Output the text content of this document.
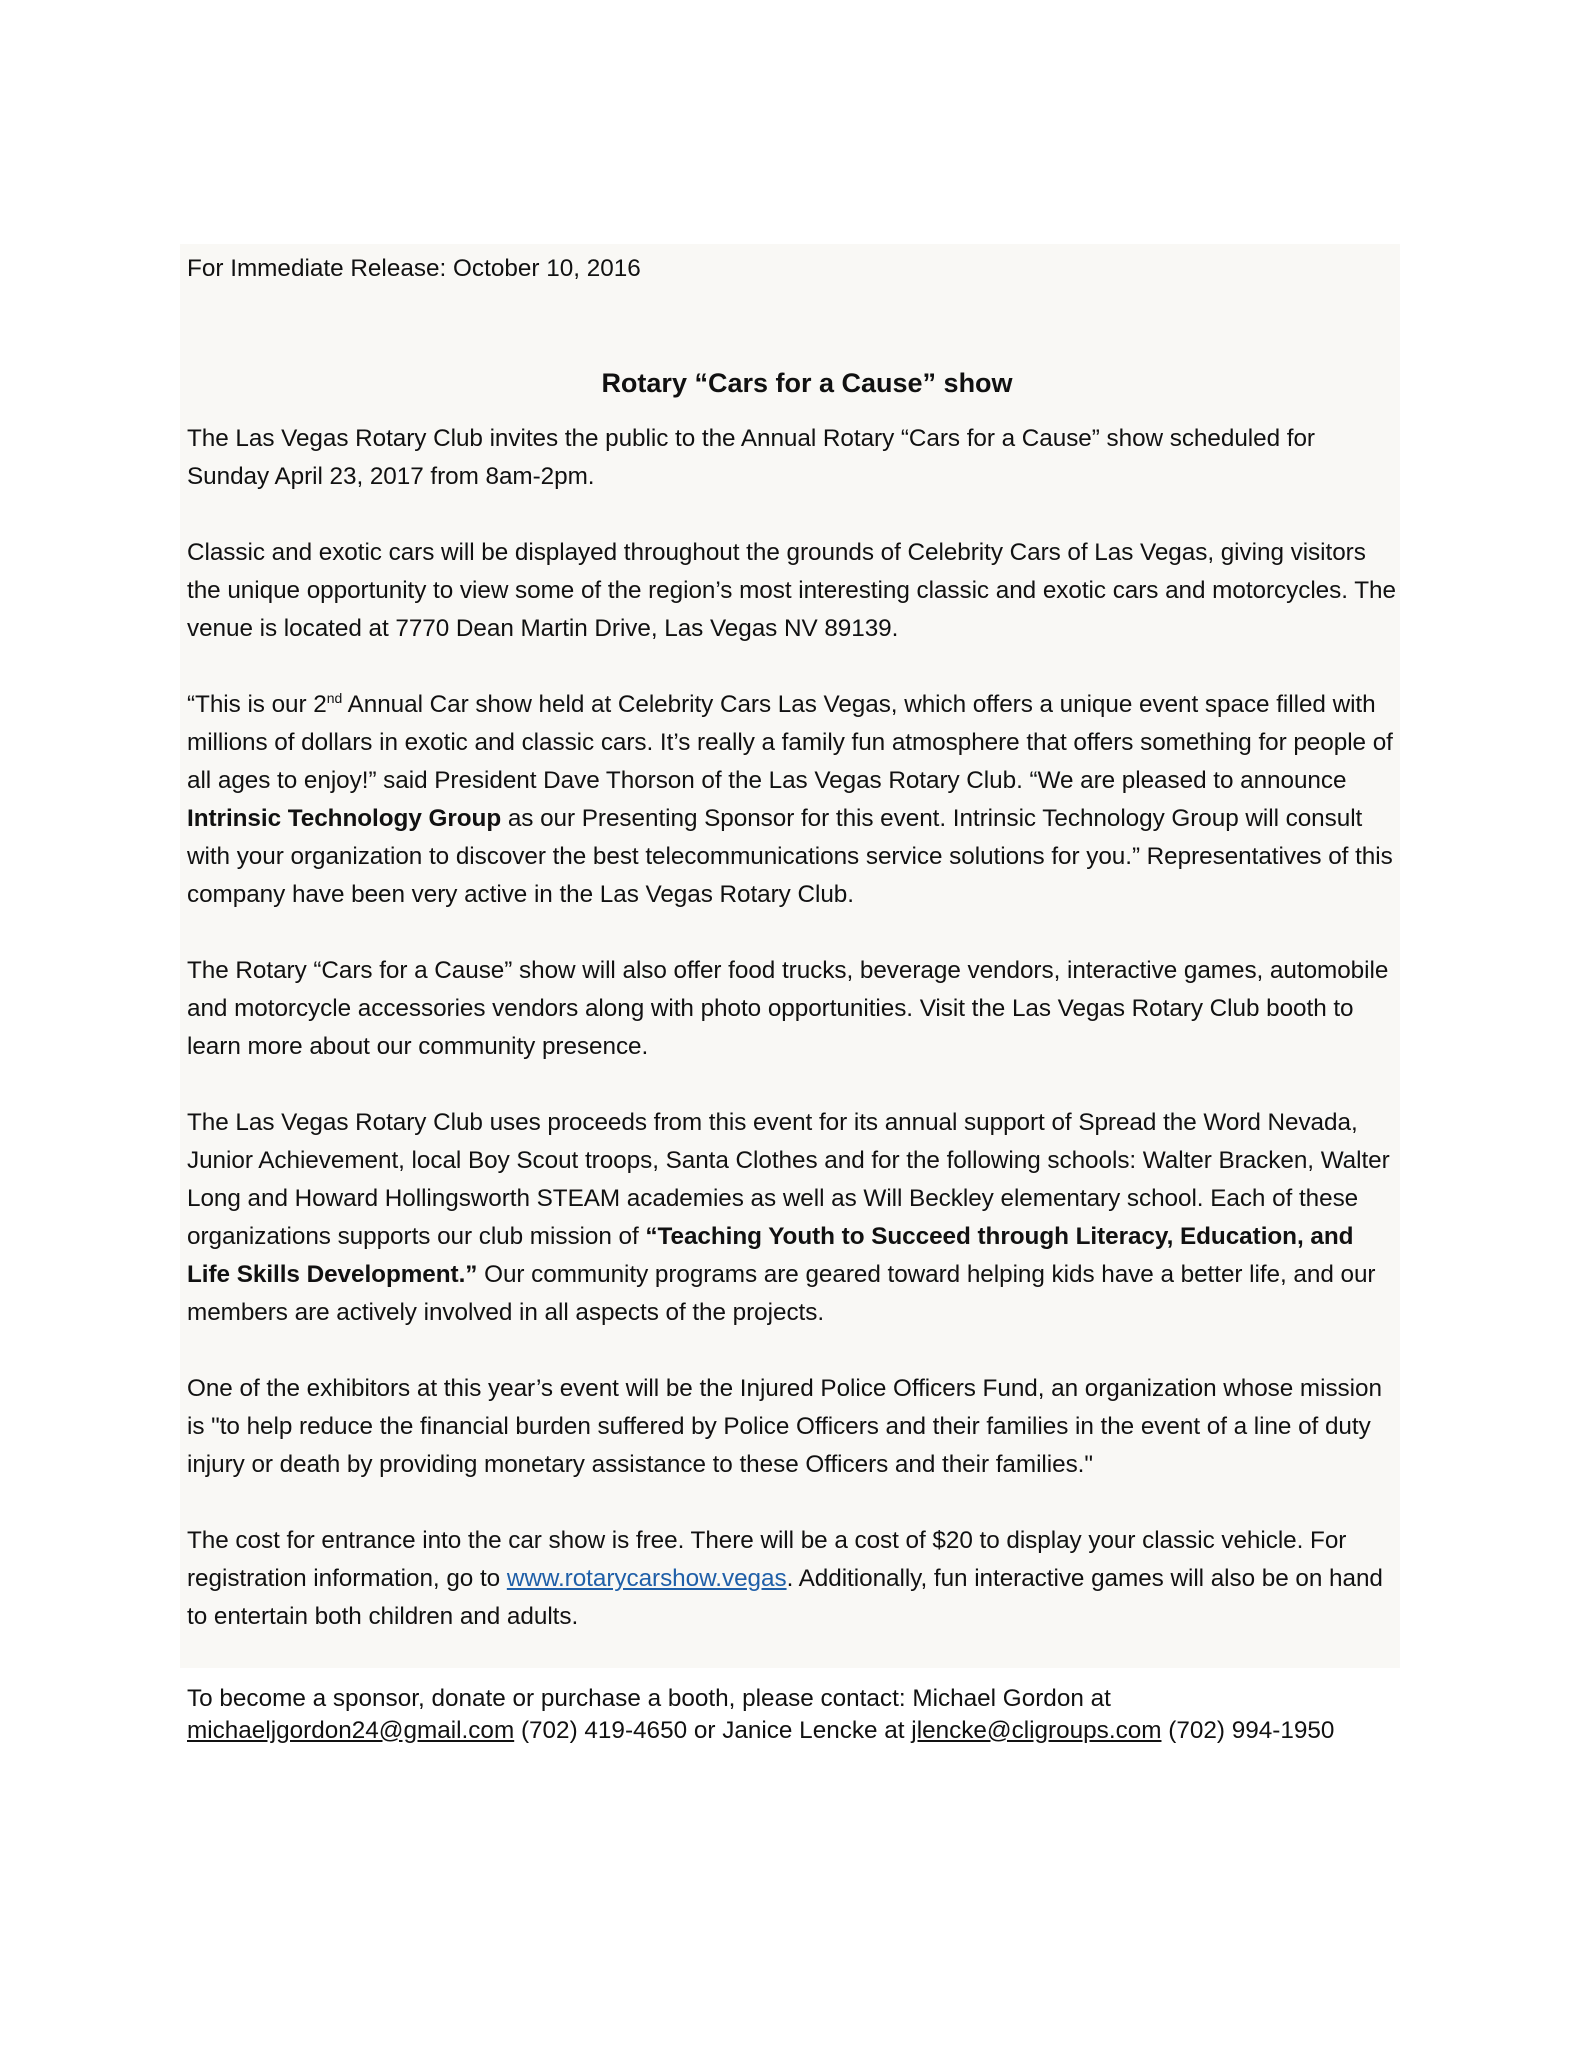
For Immediate Release: October 10, 2016
Rotary “Cars for a Cause” show

The Las Vegas Rotary Club invites the public to the Annual Rotary “Cars for a Cause” show scheduled for Sunday April 23, 2017 from 8am-2pm.

Classic and exotic cars will be displayed throughout the grounds of Celebrity Cars of Las Vegas, giving visitors the unique opportunity to view some of the region’s most interesting classic and exotic cars and motorcycles. The venue is located at 7770 Dean Martin Drive, Las Vegas NV 89139.

“This is our 2nd Annual Car show held at Celebrity Cars Las Vegas, which offers a unique event space filled with millions of dollars in exotic and classic cars. It’s really a family fun atmosphere that offers something for people of all ages to enjoy!” said President Dave Thorson of the Las Vegas Rotary Club. “We are pleased to announce Intrinsic Technology Group as our Presenting Sponsor for this event. Intrinsic Technology Group will consult with your organization to discover the best telecommunications service solutions for you.” Representatives of this company have been very active in the Las Vegas Rotary Club.

The Rotary “Cars for a Cause” show will also offer food trucks, beverage vendors, interactive games, automobile and motorcycle accessories vendors along with photo opportunities. Visit the Las Vegas Rotary Club booth to learn more about our community presence.

The Las Vegas Rotary Club uses proceeds from this event for its annual support of Spread the Word Nevada, Junior Achievement, local Boy Scout troops, Santa Clothes and for the following schools: Walter Bracken, Walter Long and Howard Hollingsworth STEAM academies as well as Will Beckley elementary school. Each of these organizations supports our club mission of “Teaching Youth to Succeed through Literacy, Education, and Life Skills Development.” Our community programs are geared toward helping kids have a better life, and our members are actively involved in all aspects of the projects.

One of the exhibitors at this year’s event will be the Injured Police Officers Fund, an organization whose mission is "to help reduce the financial burden suffered by Police Officers and their families in the event of a line of duty injury or death by providing monetary assistance to these Officers and their families."

The cost for entrance into the car show is free. There will be a cost of $20 to display your classic vehicle. For registration information, go to www.rotarycarshow.vegas. Additionally, fun interactive games will also be on hand to entertain both children and adults.

To become a sponsor, donate or purchase a booth, please contact: Michael Gordon at michaeljgordon24@gmail.com (702) 419-4650 or Janice Lencke at jlencke@cligroups.com (702) 994-1950
